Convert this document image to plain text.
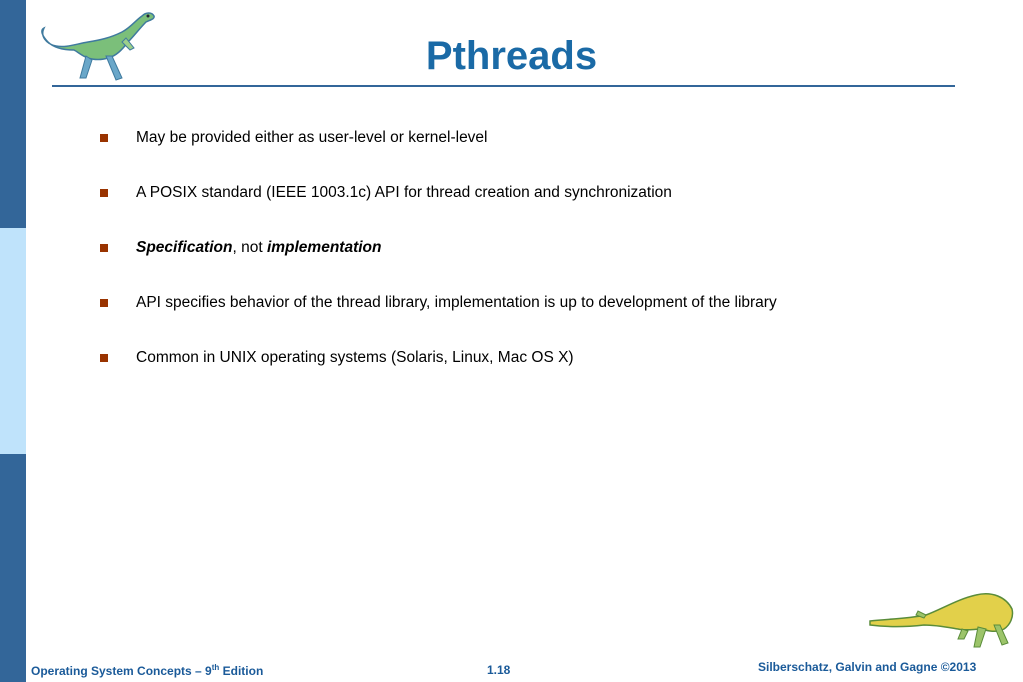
Pthreads
May be provided either as user-level or kernel-level
A POSIX standard (IEEE 1003.1c) API for thread creation and synchronization
Specification, not implementation
API specifies behavior of the thread library, implementation is up to development of the library
Common in UNIX operating systems (Solaris, Linux, Mac OS X)
Operating System Concepts – 9th Edition	1.18	Silberschatz, Galvin and Gagne ©2013
